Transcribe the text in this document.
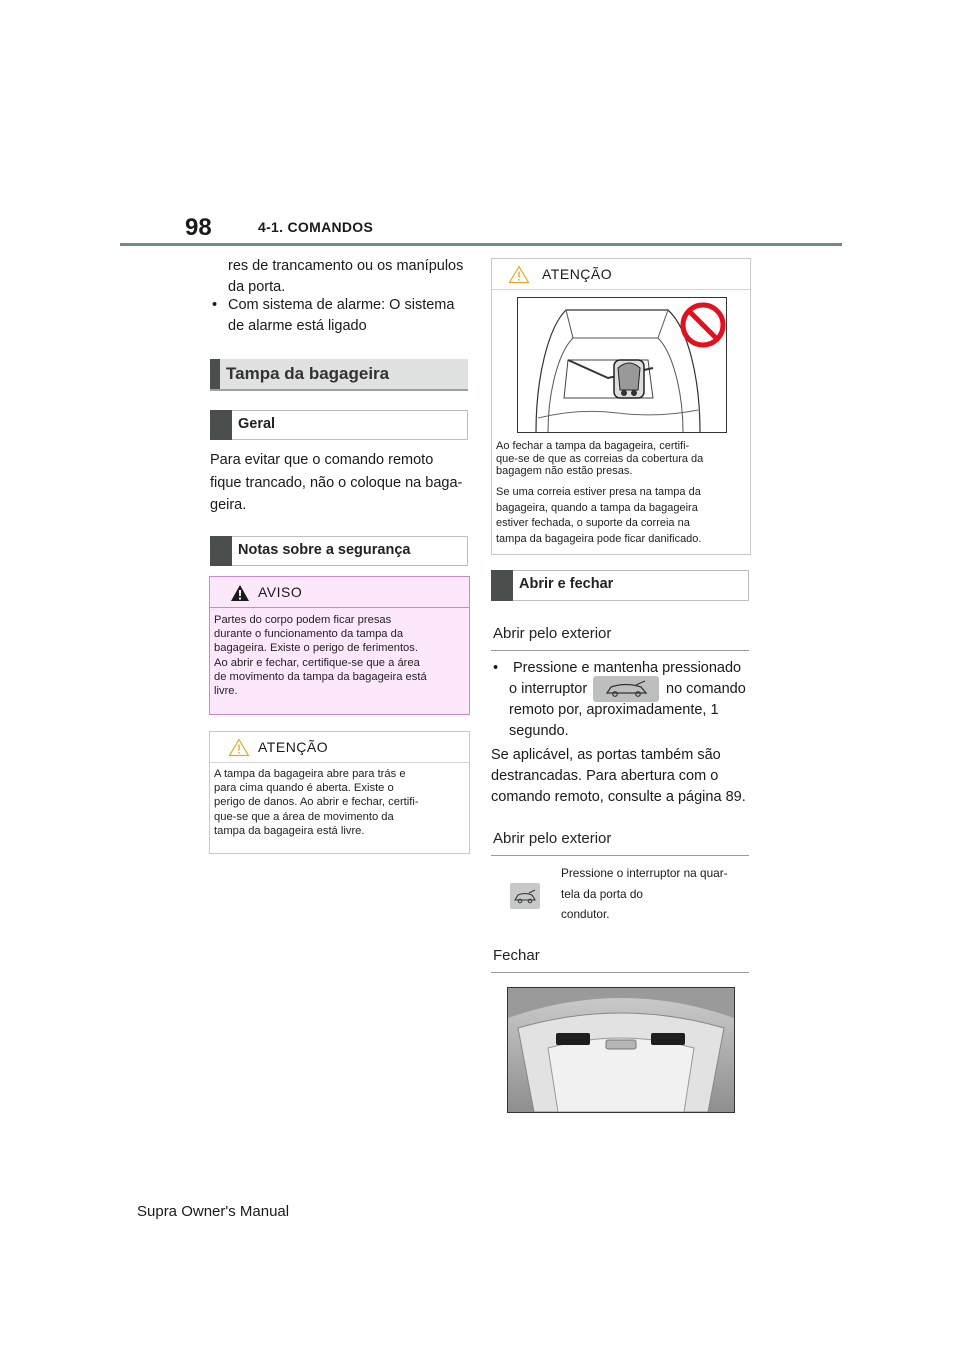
98	4-1. COMANDOS
res de trancamento ou os manípulos
da porta.
• Com sistema de alarme: O sistema
de alarme está ligado
Tampa da bagageira
Geral
Para evitar que o comando remoto
fique trancado, não o coloque na baga-
geira.
Notas sobre a segurança
AVISO
Partes do corpo podem ficar presas
durante o funcionamento da tampa da
bagageira. Existe o perigo de ferimentos.
Ao abrir e fechar, certifique-se que a área
de movimento da tampa da bagageira está
livre.
ATENÇÃO
A tampa da bagageira abre para trás e
para cima quando é aberta. Existe o
perigo de danos. Ao abrir e fechar, certifi-
que-se que a área de movimento da
tampa da bagageira está livre.
ATENÇÃO
Ao fechar a tampa da bagageira, certifi-
que-se de que as correias da cobertura da
bagagem não estão presas.
Se uma correia estiver presa na tampa da
bagageira, quando a tampa da bagageira
estiver fechada, o suporte da correia na
tampa da bagageira pode ficar danificado.
Abrir e fechar
Abrir pelo exterior
• Pressione e mantenha pressionado
o interruptor	no comando
remoto por, aproximadamente, 1
segundo.
Se aplicável, as portas também são
destrancadas. Para abertura com o
comando remoto, consulte a página 89.
Abrir pelo exterior
Pressione o interruptor na quar-
tela da porta do
condutor.
Fechar
Supra Owner's Manual
